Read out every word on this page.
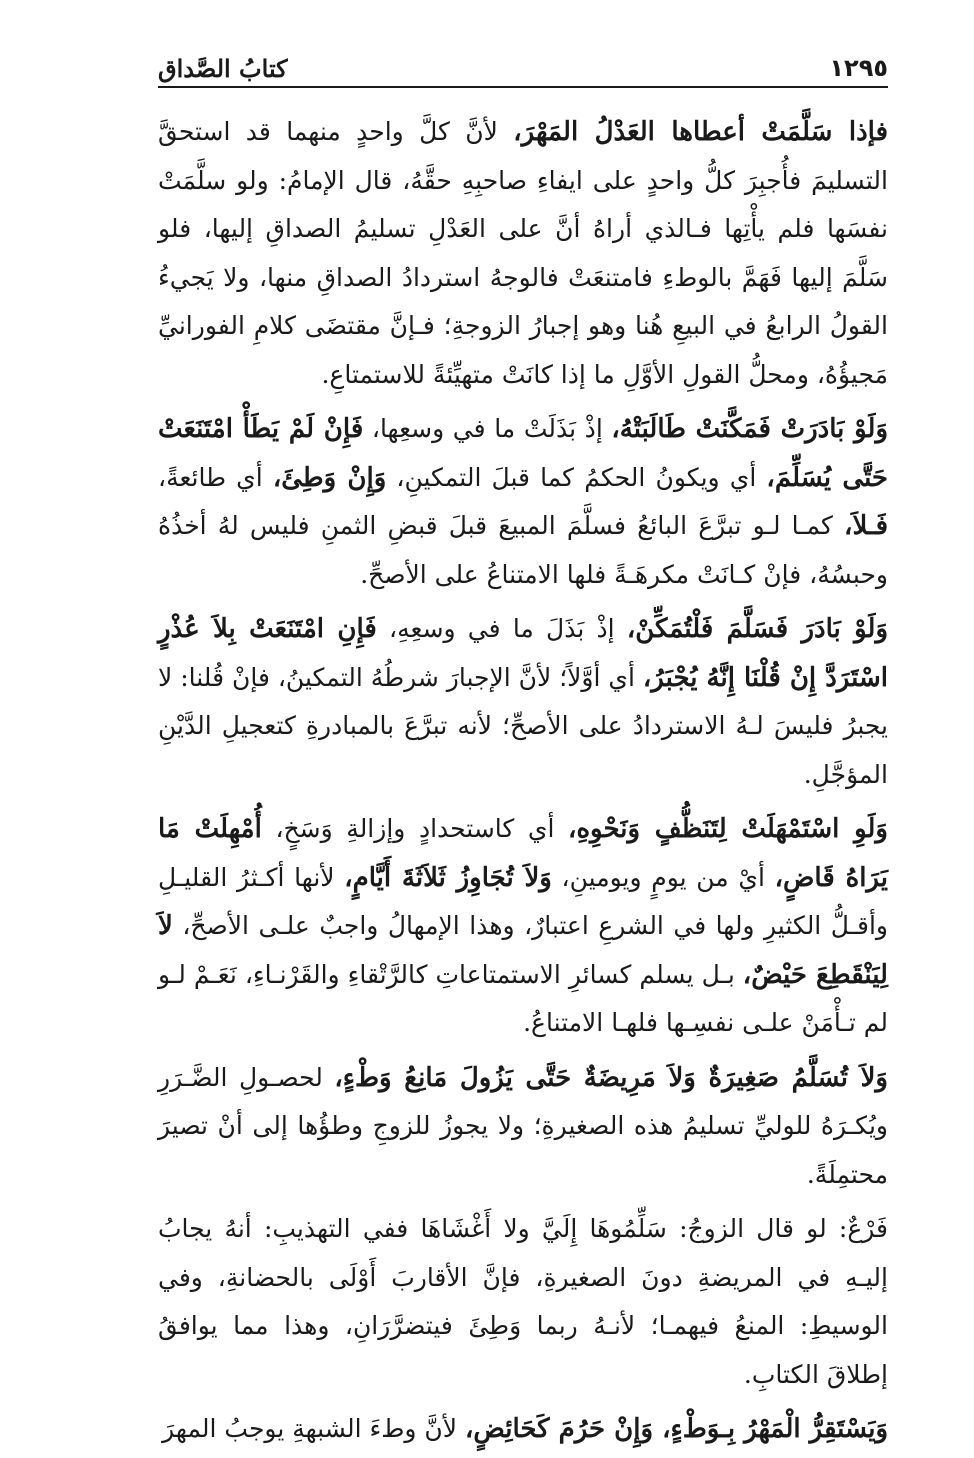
١٢٩٥
كتابُ الصَّداق

فإذا سَلَّمَتْ أعطاها العَدْلُ المَهْرَ، لأنَّ كلَّ واحدٍ منهما قد استحقَّ التسليمَ فأُجبِرَ كلُّ واحدٍ على ايفاءِ صاحبِهِ حقَّهُ، قال الإمامُ: ولو سلَّمَتْ نفسَها فلم يأْتِها فـالذي أراهُ أنَّ على العَدْلِ تسليمُ الصداقِ إليها، فلو سَلَّمَ إليها فَهَمَّ بالوطءِ فامتنعَتْ فالوجهُ استردادُ الصداقِ منها، ولا يَجيءُ القولُ الرابعُ في البيعِ هُنا وهو إجبارُ الزوجةِ؛ فـإنَّ مقتضَى كلامِ الفورانيِّ مَجيؤُهُ، ومحلُّ القولِ الأوَّلِ ما إذا كانَتْ متهيِّئةً للاستمتاعِ.

وَلَوْ بَادَرَتْ فَمَكَّنَتْ طَالَبَتْهُ، إذْ بَذَلَتْ ما في وسعِها، فَإِنْ لَمْ يَطَأْ امْتَنَعَتْ حَتَّى يُسَلِّمَ، أي ويكونُ الحكمُ كما قبلَ التمكينِ، وَإِنْ وَطِئَ، أي طائعةً، فَـلاَ، كمـا لـو تبرَّعَ البائعُ فسلَّمَ المبيعَ قبلَ قبضِ الثمنِ فليس لهُ أخذُهُ وحبسُهُ، فإنْ كـانَتْ مكرهَـةً فلها الامتناعُ على الأصحِّ.

وَلَوْ بَادَرَ فَسَلَّمَ فَلْتُمَكِّنْ، إذْ بَذَلَ ما في وسعِهِ، فَإِنِ امْتَنَعَتْ بِلاَ عُذْرٍ اسْتَرَدَّ إِنْ قُلْنَا إِنَّهُ يُجْبَرُ، أي أوَّلاً؛ لأنَّ الإجبارَ شرطُهُ التمكينُ، فإنْ قُلنا: لا يجبرُ فليسَ لـهُ الاستردادُ على الأصحِّ؛ لأنه تبرَّعَ بالمبادرةِ كتعجيلِ الدَّيْنِ المؤجَّلِ.

وَلَوِ اسْتَمْهَلَتْ لِتَنَظُّفٍ وَنَحْوِهِ، أي كاستحدادٍ وإزالةِ وَسَخٍ، أُمْهِلَتْ مَا يَرَاهُ قَاضٍ، أيْ من يومٍ ويومينِ، وَلاَ تُجَاوِزُ ثَلاَثَةَ أَيَّامٍ، لأنها أكـثرُ القليـلِ وأقـلُّ الكثيرِ ولها في الشرعِ اعتبارٌ، وهذا الإمهالُ واجبٌ علـى الأصحِّ، لاَ لِيَنْقَطِعَ حَيْضٌ، بـل يسلم كسائرِ الاستمتاعاتِ كالرَّتْقاءِ والقَرْنـاءِ، نَعَـمْ لـو لم تـأْمَنْ علـى نفسِـها فلهـا الامتناعُ.

وَلاَ تُسَلَّمُ صَغِيرَةٌ وَلاَ مَرِيضَةٌ حَتَّى يَزُولَ مَانِعُ وَطْءٍ، لحصـولِ الضَّـرَرِ ويُكـرَهُ للوليِّ تسليمُ هذه الصغيرةِ؛ ولا يجوزُ للزوجِ وطؤُها إلى أنْ تصيرَ محتمِلَةً.

فَرْعٌ: لو قال الزوجُ: سَلِّمُوهَا إِلَيَّ ولا أَغْشَاهَا ففي التهذيبِ: أنهُ يجابُ إليـهِ في المريضةِ دونَ الصغيرةِ، فإنَّ الأقاربَ أَوْلَى بالحضانةِ، وفي الوسيطِ: المنعُ فيهمـا؛ لأنـهُ ربما وَطِئَ فيتضرَّرَانِ، وهذا مما يوافقُ إطلاقَ الكتابِ.

وَيَسْتَقِرُّ الْمَهْرُ بِـوَطْءٍ، وَإِنْ حَرُمَ كَحَائِضٍ، لأنَّ وطءَ الشبهةِ يوجبُ المهرَ
